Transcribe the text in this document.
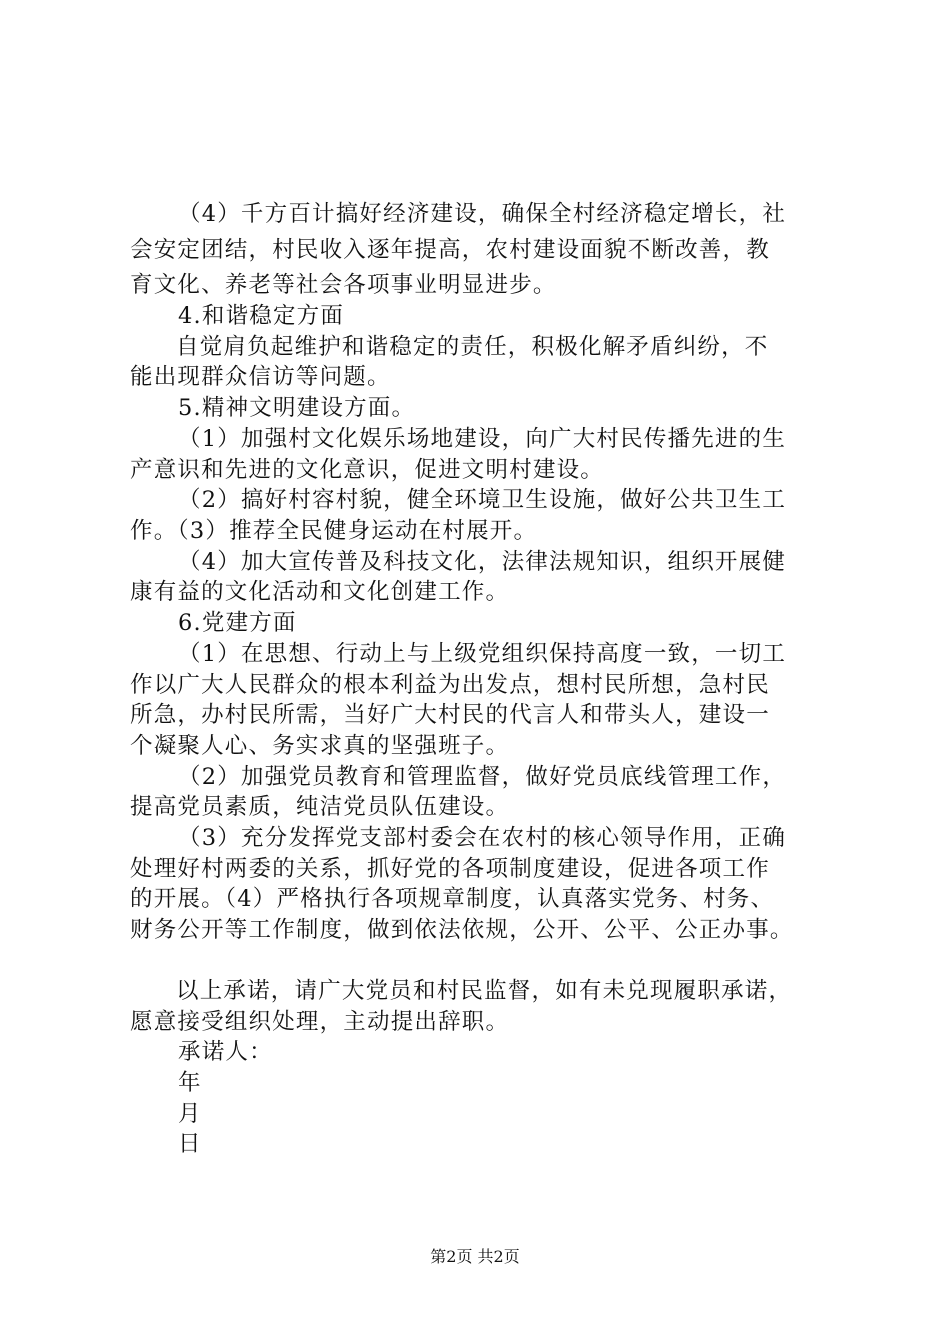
（4）千方百计搞好经济建设，确保全村经济稳定增长，社
会安定团结，村民收入逐年提高，农村建设面貌不断改善，教
育文化、养老等社会各项事业明显进步。
4.和谐稳定方面
自觉肩负起维护和谐稳定的责任，积极化解矛盾纠纷，不
能出现群众信访等问题。
5.精神文明建设方面。
（1）加强村文化娱乐场地建设，向广大村民传播先进的生
产意识和先进的文化意识，促进文明村建设。
（2）搞好村容村貌，健全环境卫生设施，做好公共卫生工
作。（3）推荐全民健身运动在村展开。
（4）加大宣传普及科技文化，法律法规知识，组织开展健
康有益的文化活动和文化创建工作。
6.党建方面
（1）在思想、行动上与上级党组织保持高度一致，一切工
作以广大人民群众的根本利益为出发点，想村民所想，急村民
所急，办村民所需，当好广大村民的代言人和带头人，建设一
个凝聚人心、务实求真的坚强班子。
（2）加强党员教育和管理监督，做好党员底线管理工作，
提高党员素质，纯洁党员队伍建设。
（3）充分发挥党支部村委会在农村的核心领导作用，正确
处理好村两委的关系，抓好党的各项制度建设，促进各项工作
的开展。（4）严格执行各项规章制度，认真落实党务、村务、
财务公开等工作制度，做到依法依规，公开、公平、公正办事。
以上承诺，请广大党员和村民监督，如有未兑现履职承诺，
愿意接受组织处理，主动提出辞职。
承诺人：
年
月
日
第2页 共2页
